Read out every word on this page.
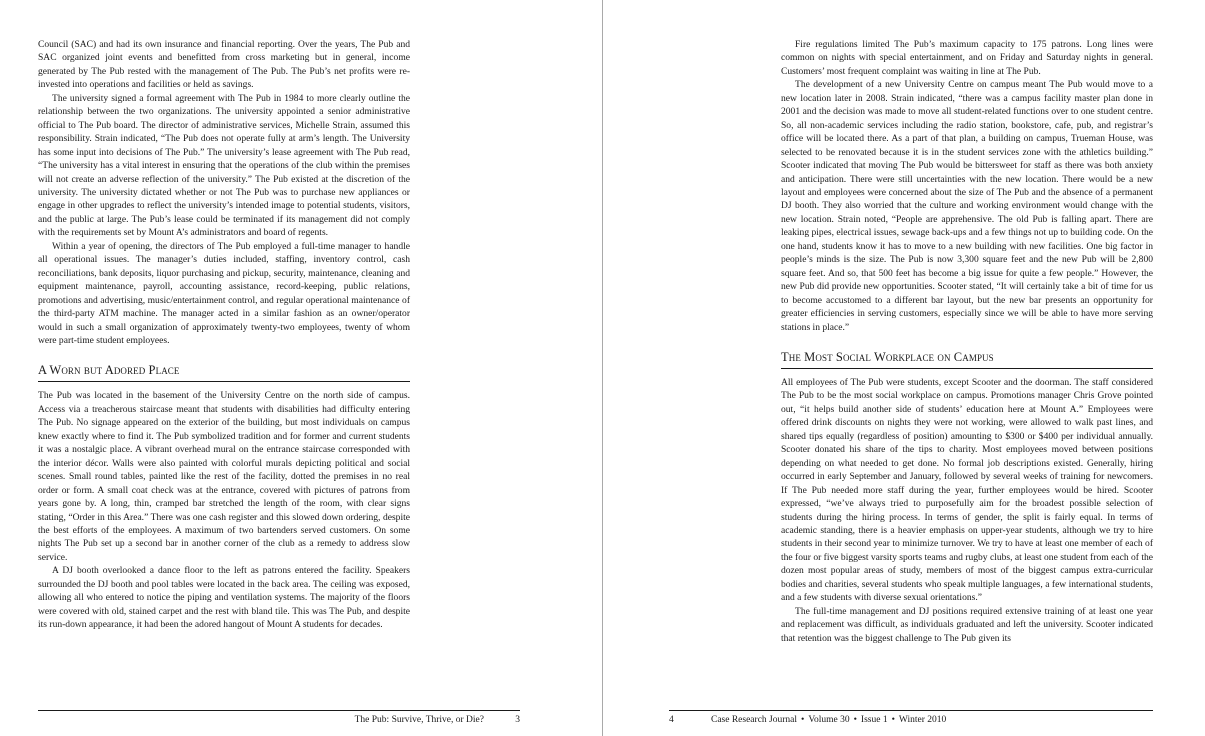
Council (SAC) and had its own insurance and financial reporting. Over the years, The Pub and SAC organized joint events and benefitted from cross marketing but in general, income generated by The Pub rested with the management of The Pub. The Pub’s net profits were re-invested into operations and facilities or held as savings.

The university signed a formal agreement with The Pub in 1984 to more clearly outline the relationship between the two organizations. The university appointed a senior administrative official to The Pub board. The director of administrative services, Michelle Strain, assumed this responsibility. Strain indicated, “The Pub does not operate fully at arm’s length. The University has some input into decisions of The Pub.” The university’s lease agreement with The Pub read, “The university has a vital interest in ensuring that the operations of the club within the premises will not create an adverse reflection of the university.” The Pub existed at the discretion of the university. The university dictated whether or not The Pub was to purchase new appliances or engage in other upgrades to reflect the university’s intended image to potential students, visitors, and the public at large. The Pub’s lease could be terminated if its management did not comply with the requirements set by Mount A’s administrators and board of regents.

Within a year of opening, the directors of The Pub employed a full-time manager to handle all operational issues. The manager’s duties included, staffing, inventory control, cash reconciliations, bank deposits, liquor purchasing and pickup, security, maintenance, cleaning and equipment maintenance, payroll, accounting assistance, record-keeping, public relations, promotions and advertising, music/entertainment control, and regular operational maintenance of the third-party ATM machine. The manager acted in a similar fashion as an owner/operator would in such a small organization of approximately twenty-two employees, twenty of whom were part-time student employees.

A Worn but Adored Place

The Pub was located in the basement of the University Centre on the north side of campus. Access via a treacherous staircase meant that students with disabilities had difficulty entering The Pub. No signage appeared on the exterior of the building, but most individuals on campus knew exactly where to find it. The Pub symbolized tradition and for former and current students it was a nostalgic place. A vibrant overhead mural on the entrance staircase corresponded with the interior décor. Walls were also painted with colorful murals depicting political and social scenes. Small round tables, painted like the rest of the facility, dotted the premises in no real order or form. A small coat check was at the entrance, covered with pictures of patrons from years gone by. A long, thin, cramped bar stretched the length of the room, with clear signs stating, “Order in this Area.” There was one cash register and this slowed down ordering, despite the best efforts of the employees. A maximum of two bartenders served customers. On some nights The Pub set up a second bar in another corner of the club as a remedy to address slow service.

A DJ booth overlooked a dance floor to the left as patrons entered the facility. Speakers surrounded the DJ booth and pool tables were located in the back area. The ceiling was exposed, allowing all who entered to notice the piping and ventilation systems. The majority of the floors were covered with old, stained carpet and the rest with bland tile. This was The Pub, and despite its run-down appearance, it had been the adored hangout of Mount A students for decades.

The Pub: Survive, Thrive, or Die?	3

Fire regulations limited The Pub’s maximum capacity to 175 patrons. Long lines were common on nights with special entertainment, and on Friday and Saturday nights in general. Customers’ most frequent complaint was waiting in line at The Pub.

The development of a new University Centre on campus meant The Pub would move to a new location later in 2008. Strain indicated, “there was a campus facility master plan done in 2001 and the decision was made to move all student-related functions over to one student centre. So, all non-academic services including the radio station, bookstore, cafe, pub, and registrar’s office will be located there. As a part of that plan, a building on campus, Trueman House, was selected to be renovated because it is in the student services zone with the athletics building.” Scooter indicated that moving The Pub would be bittersweet for staff as there was both anxiety and anticipation. There were still uncertainties with the new location. There would be a new layout and employees were concerned about the size of The Pub and the absence of a permanent DJ booth. They also worried that the culture and working environment would change with the new location. Strain noted, “People are apprehensive. The old Pub is falling apart. There are leaking pipes, electrical issues, sewage back-ups and a few things not up to building code. On the one hand, students know it has to move to a new building with new facilities. One big factor in people’s minds is the size. The Pub is now 3,300 square feet and the new Pub will be 2,800 square feet. And so, that 500 feet has become a big issue for quite a few people.” However, the new Pub did provide new opportunities. Scooter stated, “It will certainly take a bit of time for us to become accustomed to a different bar layout, but the new bar presents an opportunity for greater efficiencies in serving customers, especially since we will be able to have more serving stations in place.”

The Most Social Workplace on Campus

All employees of The Pub were students, except Scooter and the doorman. The staff considered The Pub to be the most social workplace on campus. Promotions manager Chris Grove pointed out, “it helps build another side of students’ education here at Mount A.” Employees were offered drink discounts on nights they were not working, were allowed to walk past lines, and shared tips equally (regardless of position) amounting to $300 or $400 per individual annually. Scooter donated his share of the tips to charity. Most employees moved between positions depending on what needed to get done. No formal job descriptions existed. Generally, hiring occurred in early September and January, followed by several weeks of training for newcomers. If The Pub needed more staff during the year, further employees would be hired. Scooter expressed, “we’ve always tried to purposefully aim for the broadest possible selection of students during the hiring process. In terms of gender, the split is fairly equal. In terms of academic standing, there is a heavier emphasis on upper-year students, although we try to hire students in their second year to minimize turnover. We try to have at least one member of each of the four or five biggest varsity sports teams and rugby clubs, at least one student from each of the dozen most popular areas of study, members of most of the biggest campus extra-curricular bodies and charities, several students who speak multiple languages, a few international students, and a few students with diverse sexual orientations.”

The full-time management and DJ positions required extensive training of at least one year and replacement was difficult, as individuals graduated and left the university. Scooter indicated that retention was the biggest challenge to The Pub given its

4	Case Research Journal • Volume 30 • Issue 1 • Winter 2010
